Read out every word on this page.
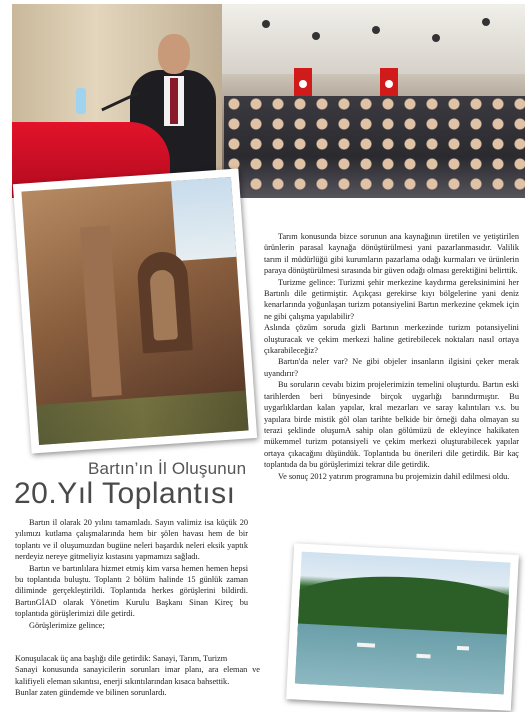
Bartın’ın İl Oluşunun
20.Yıl Toplantısı

Bartın il olarak 20 yılını tamamladı. Sayın valimiz isa küçük 20 yılımızı kutlama çalışmalarında hem bir şölen havası hem de bir toplantı ve il oluşumuzdan bugüne neleri başardık neleri eksik yaptık nerdeyiz nereye gitmeliyiz kıstasını yapmamızı sağladı.

Bartın ve bartınlılara hizmet etmiş kim varsa hemen hemen hepsi bu toplantıda buluştu. Toplantı 2 bölüm halinde 15 günlük zaman diliminde gerçekleştirildi. Toplantıda herkes görüşlerini bildirdi. BartınGİAD olarak Yönetim Kurulu Başkanı Sinan Kireç bu toplantıda görüşlerimizi dile getirdi.

Görüşlerimize gelince;

Konuşulacak üç ana başlığı dile getirdik: Sanayi, Tarım, Turizm

Sanayi konusunda sanayicilerin sorunları imar planı, ara eleman ve kalifiyeli eleman sıkıntısı, enerji sıkıntılarından kısaca bahsettik.

Bunlar zaten gündemde ve bilinen sorunlardı.

Tarım konusunda bizce sorunun ana kaynağının üretilen ve yetiştirilen ürünlerin parasal kaynağa dönüştürülmesi yani pazarlanmasıdır. Valilik tarım il müdürlüğü gibi kurumların pazarlama odağı kurmaları ve ürünlerin paraya dönüştürülmesi sırasında bir güven odağı olması gerektiğini belirttik.

Turizme gelince: Turizmi şehir merkezine kaydırma gereksinimini her Bartınlı dile getirmiştir. Açıkçası gerekirse kıyı bölgelerine yani deniz kenarlarında yoğunlaşan turizm potansiyelini Bartın merkezine çekmek için ne gibi çalışma yapılabilir?

Aslında çözüm soruda gizli Bartının merkezinde turizm potansiyelini oluşturacak ve çekim merkezi haline getirebilecek noktaları nasıl ortaya çıkarabileceğiz?

Bartın'da neler var? Ne gibi objeler insanların ilgisini çeker merak uyandırır?

Bu soruların cevabı bizim projelerimizin temelini oluşturdu. Bartın eski tarihlerden beri bünyesinde birçok uygarlığı barındırmıştır. Bu uygarlıklardan kalan yapılar, kral mezarları ve saray kalıntıları v.s. bu yapılara birde mistik göl olan tarihte belkide bir örneği daha olmayan su terazi şeklinde oluşumA sahip olan gölümüzü de ekleyince hakikaten mükemmel turizm potansiyeli ve çekim merkezi oluşturabilecek yapılar ortaya çıkacağını düşündük. Toplantıda bu önerileri dile getirdik. Bir kaç toplantıda da bu görüşlerimizi tekrar dile getirdik.

Ve sonuç 2012 yatırım programına bu projemizin dahil edilmesi oldu.
